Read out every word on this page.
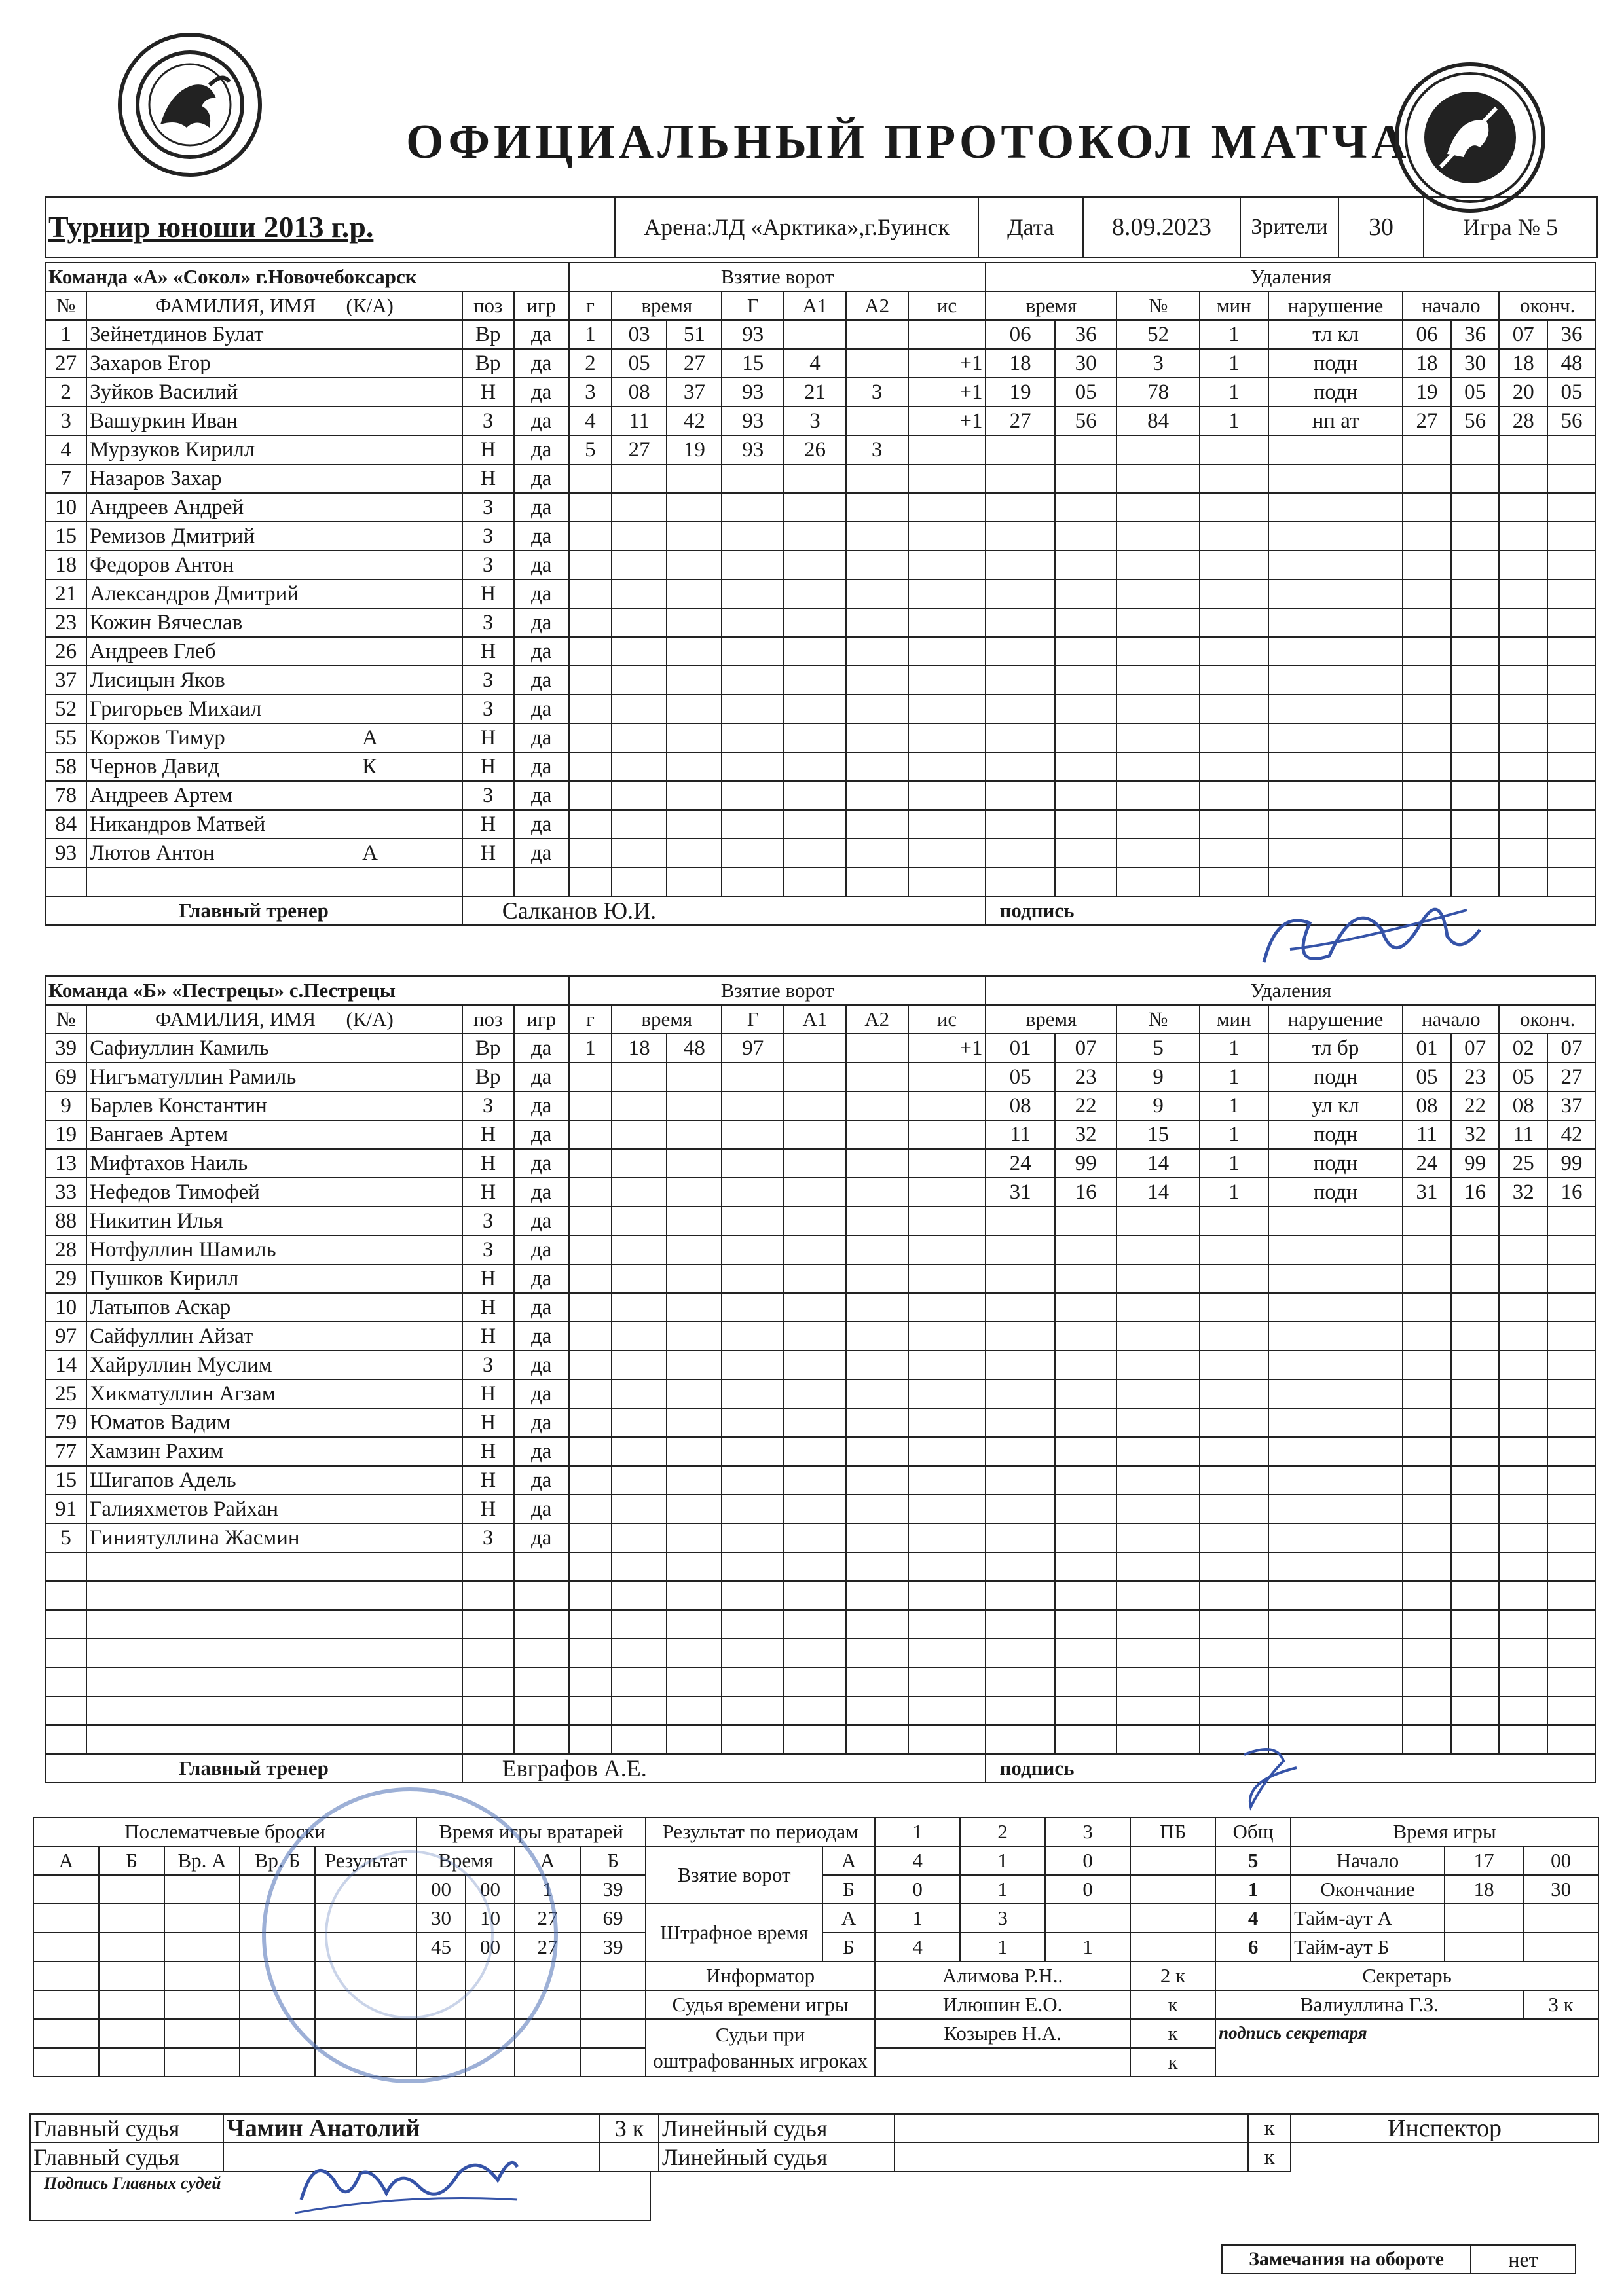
ОФИЦИАЛЬНЫЙ ПРОТОКОЛ МАТЧА
Турнир юноши 2013 г.р.	Арена:ЛД «Арктика»,г.Буинск	Дата	8.09.2023	Зрители	30	Игра № 5
Команда «А» «Сокол» г.Новочебоксарск				Взятие ворот							Удаления								
№	ФАМИЛИЯ, ИМЯ (К/А)	поз	игр	г	время		Г	А1	А2	ис	время		№	мин	нарушение	начало		оконч.	
1	Зейнетдинов Булат	Вр	да	1	03	51	93				06	36	52	1	тл кл	06	36	07	36
27	Захаров Егор	Вр	да	2	05	27	15	4		+1	18	30	3	1	подн	18	30	18	48
2	Зуйков Василий	Н	да	3	08	37	93	21	3	+1	19	05	78	1	подн	19	05	20	05
3	Вашуркин Иван	З	да	4	11	42	93	3		+1	27	56	84	1	нп ат	27	56	28	56
4	Мурзуков Кирилл	Н	да	5	27	19	93	26	3										
7	Назаров Захар	Н	да																
10	Андреев Андрей	З	да																
15	Ремизов Дмитрий	З	да																
18	Федоров Антон	З	да																
21	Александров Дмитрий	Н	да																
23	Кожин Вячеслав	З	да																
26	Андреев Глеб	Н	да																
37	Лисицын Яков	З	да																
52	Григорьев Михаил	З	да																
55	Коржов Тимур А	Н	да																
58	Чернов Давид К	Н	да																
78	Андреев Артем	З	да																
84	Никандров Матвей	Н	да																
93	Лютов Антон А	Н	да																

Главный тренер		Салканов Ю.И.									подпись								
Команда «Б» «Пестрецы» с.Пестрецы				Взятие ворот							Удаления								
№	ФАМИЛИЯ, ИМЯ (К/А)	поз	игр	г	время		Г	А1	А2	ис	время		№	мин	нарушение	начало		оконч.	
39	Сафиуллин Камиль	Вр	да	1	18	48	97			+1	01	07	5	1	тл бр	01	07	02	07
69	Нигъматуллин Рамиль	Вр	да								05	23	9	1	подн	05	23	05	27
9	Барлев Константин	З	да								08	22	9	1	ул кл	08	22	08	37
19	Вангаев Артем	Н	да								11	32	15	1	подн	11	32	11	42
13	Мифтахов Наиль	Н	да								24	99	14	1	подн	24	99	25	99
33	Нефедов Тимофей	Н	да								31	16	14	1	подн	31	16	32	16
88	Никитин Илья	З	да																
28	Нотфуллин Шамиль	З	да																
29	Пушков Кирилл	Н	да																
10	Латыпов Аскар	Н	да																
97	Сайфуллин Айзат	Н	да																
14	Хайруллин Муслим	З	да																
25	Хикматуллин Агзам	Н	да																
79	Юматов Вадим	Н	да																
77	Хамзин Рахим	Н	да																
15	Шигапов Адель	Н	да																
91	Галияхметов Райхан	Н	да																
5	Гиниятуллина Жасмин	З	да																

Главный тренер		Евграфов А.Е.									подпись								
Послематчевые броски					Время игры вратарей				Результат по периодам		1	2	3	ПБ	Общ	Время игры		
А	Б	Вр. А	Вр. Б	Результат	Время		А	Б	Взятие ворот	А	4	1	0		5	Начало	17	00
					00	00	1	39		Б	0	1	0		1	Окончание	18	30
					30	10	27	69	Штрафное время	А	1	3			4	Тайм-аут А		
					45	00	27	39		Б	4	1	1		6	Тайм-аут Б		
									Информатор		Алимова Р.Н..			2 к	Секретарь			
									Судья времени игры		Илюшин Е.О.			к	Валиуллина Г.З.			3 к
									Судьи при оштрафованных игроках		Козырев Н.А.			к	подпись секретаря			
														к				
Главный судья	Чамин Анатолий	3 к	Линейный судья		к	Инспектор
Главный судья			Линейный судья		к	
Подпись Главных судей
Замечания на обороте	нет
